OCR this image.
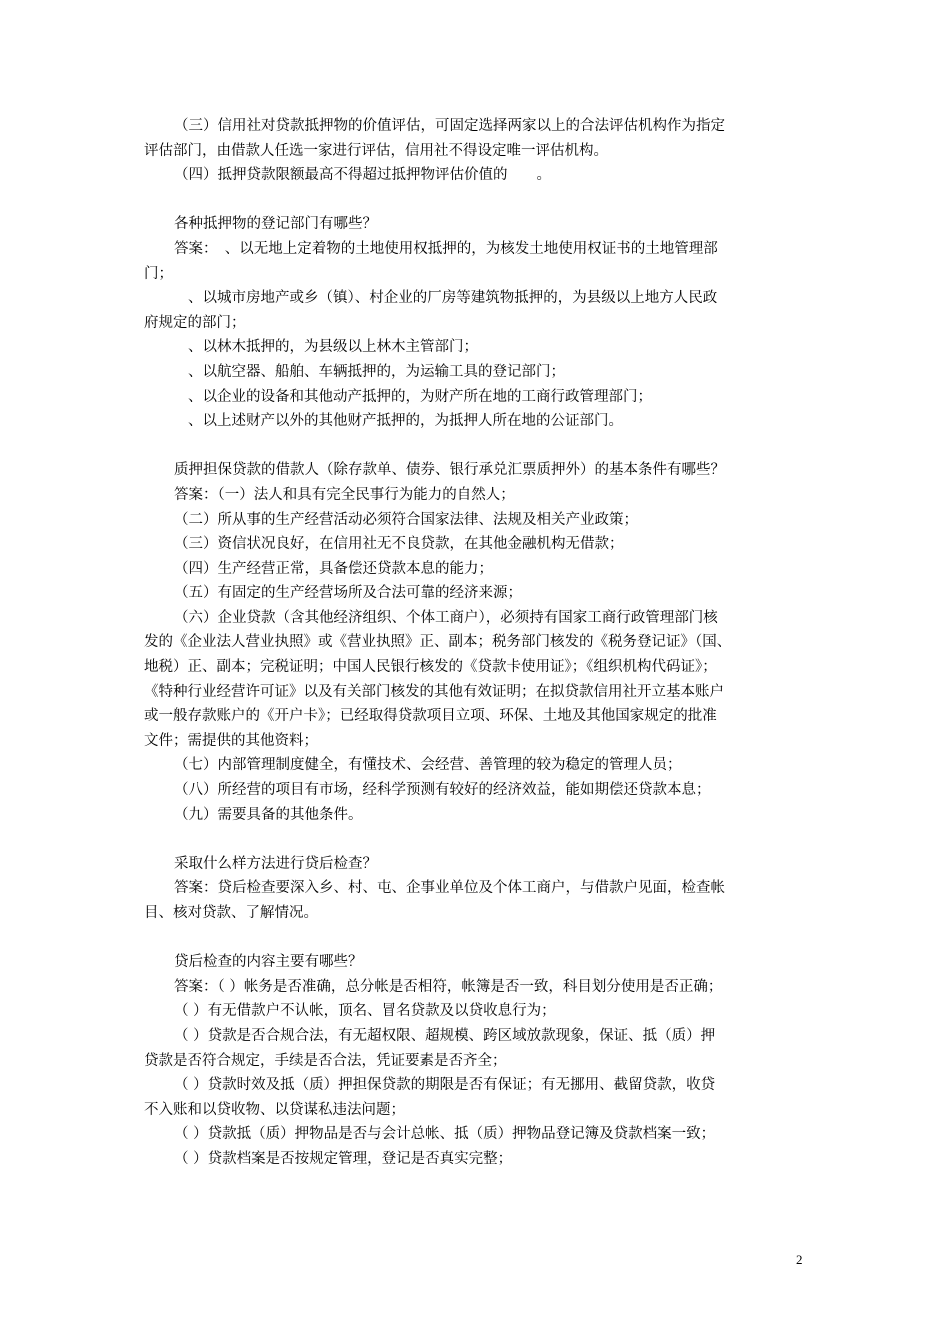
（三）信用社对贷款抵押物的价值评估，可固定选择两家以上的合法评估机构作为指定
评估部门，由借款人任选一家进行评估，信用社不得设定唯一评估机构。
（四）抵押贷款限额最高不得超过抵押物评估价值的　　。
各种抵押物的登记部门有哪些？
答案：　、以无地上定着物的土地使用权抵押的，为核发土地使用权证书的土地管理部
门；
、以城市房地产或乡（镇）、村企业的厂房等建筑物抵押的，为县级以上地方人民政
府规定的部门；
、以林木抵押的，为县级以上林木主管部门；
、以航空器、船舶、车辆抵押的，为运输工具的登记部门；
、以企业的设备和其他动产抵押的，为财产所在地的工商行政管理部门；
、以上述财产以外的其他财产抵押的，为抵押人所在地的公证部门。
质押担保贷款的借款人（除存款单、债券、银行承兑汇票质押外）的基本条件有哪些？
答案：（一）法人和具有完全民事行为能力的自然人；
（二）所从事的生产经营活动必须符合国家法律、法规及相关产业政策；
（三）资信状况良好，在信用社无不良贷款，在其他金融机构无借款；
（四）生产经营正常，具备偿还贷款本息的能力；
（五）有固定的生产经营场所及合法可靠的经济来源；
（六）企业贷款（含其他经济组织、个体工商户），必须持有国家工商行政管理部门核
发的《企业法人营业执照》或《营业执照》正、副本；税务部门核发的《税务登记证》（国、
地税）正、副本；完税证明；中国人民银行核发的《贷款卡使用证》；《组织机构代码证》；
《特种行业经营许可证》以及有关部门核发的其他有效证明；在拟贷款信用社开立基本账户
或一般存款账户的《开户卡》；已经取得贷款项目立项、环保、土地及其他国家规定的批准
文件；需提供的其他资料；
（七）内部管理制度健全，有懂技术、会经营、善管理的较为稳定的管理人员；
（八）所经营的项目有市场，经科学预测有较好的经济效益，能如期偿还贷款本息；
（九）需要具备的其他条件。
采取什么样方法进行贷后检查？
答案：贷后检查要深入乡、村、屯、企事业单位及个体工商户，与借款户见面，检查帐
目、核对贷款、了解情况。
贷后检查的内容主要有哪些？
答案：（ ）帐务是否准确，总分帐是否相符，帐簿是否一致，科目划分使用是否正确；
（ ）有无借款户不认帐，顶名、冒名贷款及以贷收息行为；
（ ）贷款是否合规合法，有无超权限、超规模、跨区域放款现象，保证、抵（质）押
贷款是否符合规定，手续是否合法，凭证要素是否齐全；
（ ）贷款时效及抵（质）押担保贷款的期限是否有保证；有无挪用、截留贷款，收贷
不入账和以贷收物、以贷谋私违法问题；
（ ）贷款抵（质）押物品是否与会计总帐、抵（质）押物品登记簿及贷款档案一致；
（ ）贷款档案是否按规定管理，登记是否真实完整；
2
